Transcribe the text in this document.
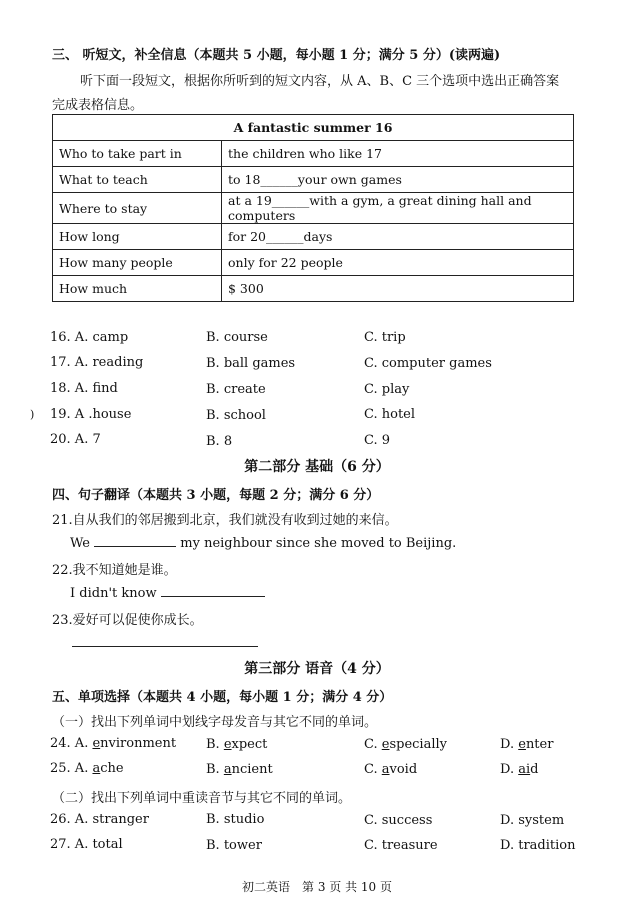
三、 听短文，补全信息（本题共 5 小题，每小题 1 分；满分 5 分）(读两遍)
听下面一段短文，根据你所听到的短文内容，从 A、B、C 三个选项中选出正确答案
完成表格信息。
A fantastic summer 16	
Who to take part in	the children who like 17
What to teach	to 18______your own games
Where to stay	at a 19______with a gym, a great dining hall and computers
How long	for 20______days
How many people	only for 22 people
How much	$ 300
)
16. A. camp	B. course	C. trip
17. A. reading	B. ball games	C. computer games
18. A. find	B. create	C. play
19. A .house	B. school	C. hotel
20. A. 7	B. 8	C. 9
第二部分 基础（6 分）
四、句子翻译（本题共 3 小题，每题 2 分；满分 6 分）
21.自从我们的邻居搬到北京，我们就没有收到过她的来信。
We	my neighbour since she moved to Beijing.
22.我不知道她是谁。
I didn't know
23.爱好可以促使你成长。
第三部分 语音（4 分）
五、单项选择（本题共 4 小题，每小题 1 分；满分 4 分）
（一）找出下列单词中划线字母发音与其它不同的单词。
24. A. environment B. expect	C. especially	D. enter
25. A. ache	B. ancient	C. avoid	D. aid
（二）找出下列单词中重读音节与其它不同的单词。
26. A. stranger	B. studio	C. success	D. system
27. A. total	B. tower	C. treasure	D. tradition
初二英语　第 3 页 共 10 页
